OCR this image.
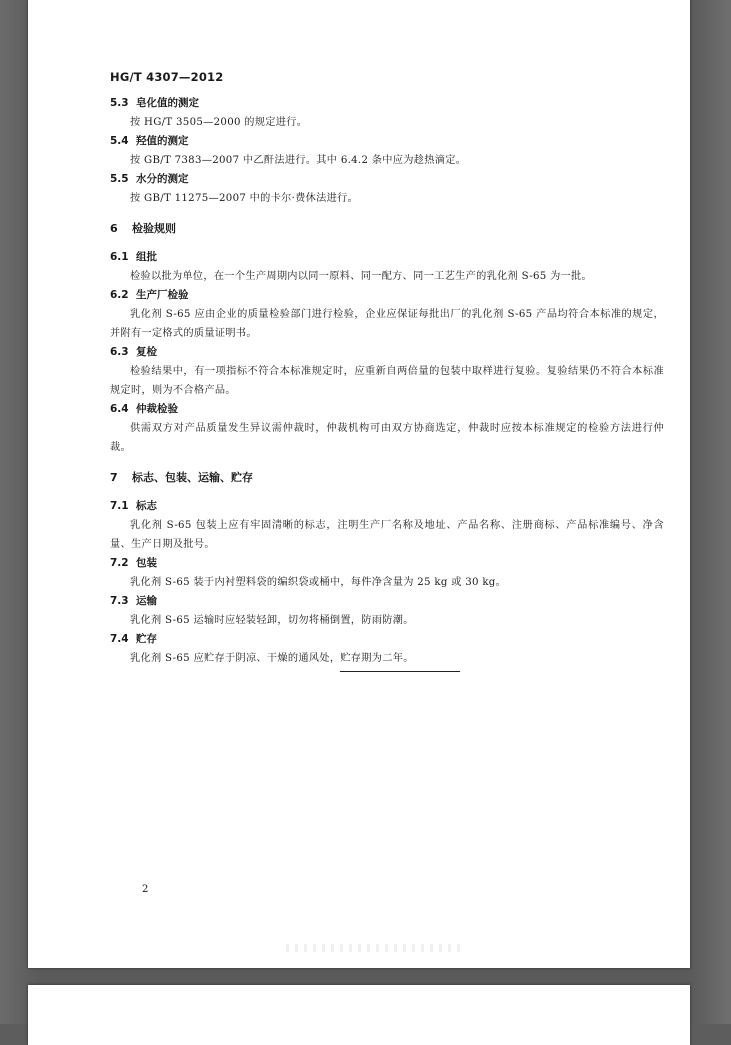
HG/T 4307—2012
5.3 皂化值的测定
按 HG/T 3505—2000 的规定进行。
5.4 羟值的测定
按 GB/T 7383—2007 中乙酐法进行。其中 6.4.2 条中应为趁热滴定。
5.5 水分的测定
按 GB/T 11275—2007 中的卡尔·费休法进行。
6	检验规则
6.1 组批
检验以批为单位，在一个生产周期内以同一原料、同一配方、同一工艺生产的乳化剂 S-65 为一批。
6.2 生产厂检验
乳化剂 S-65 应由企业的质量检验部门进行检验，企业应保证每批出厂的乳化剂 S-65 产品均符合本标准的规定，并附有一定格式的质量证明书。
6.3 复检
检验结果中，有一项指标不符合本标准规定时，应重新自两倍量的包装中取样进行复验。复验结果仍不符合本标准规定时，则为不合格产品。
6.4 仲裁检验
供需双方对产品质量发生异议需仲裁时，仲裁机构可由双方协商选定，仲裁时应按本标准规定的检验方法进行仲裁。
7	标志、包装、运输、贮存
7.1 标志
乳化剂 S-65 包装上应有牢固清晰的标志，注明生产厂名称及地址、产品名称、注册商标、产品标准编号、净含量、生产日期及批号。
7.2 包装
乳化剂 S-65 装于内衬塑料袋的编织袋或桶中，每件净含量为 25 kg 或 30 kg。
7.3 运输
乳化剂 S-65 运输时应轻装轻卸，切勿将桶倒置，防雨防潮。
7.4 贮存
乳化剂 S-65 应贮存于阴凉、干燥的通风处，贮存期为二年。
2
